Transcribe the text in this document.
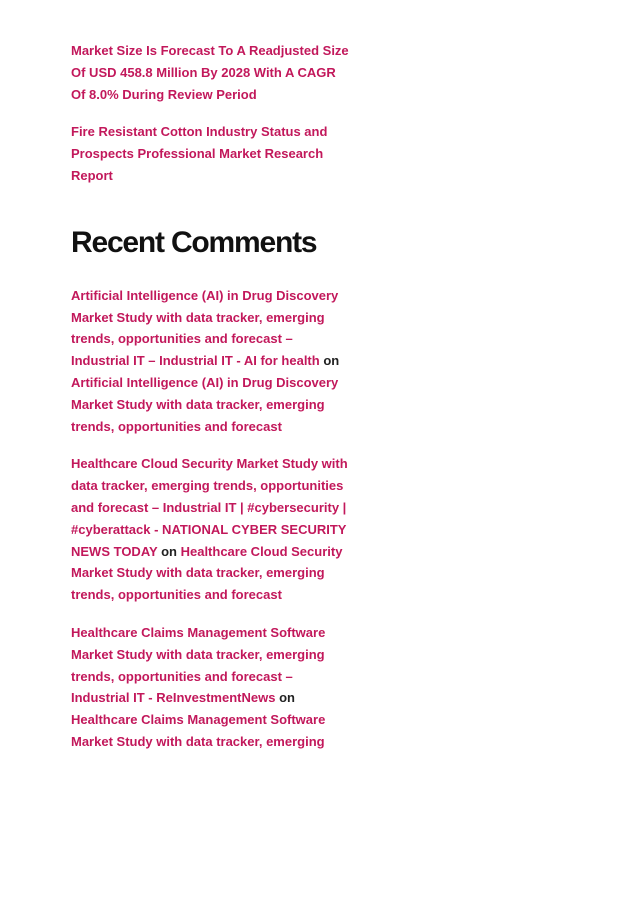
Market Size Is Forecast To A Readjusted Size Of USD 458.8 Million By 2028 With A CAGR Of 8.0% During Review Period
Fire Resistant Cotton Industry Status and Prospects Professional Market Research Report
Recent Comments
Artificial Intelligence (AI) in Drug Discovery Market Study with data tracker, emerging trends, opportunities and forecast – Industrial IT – Industrial IT - AI for health on Artificial Intelligence (AI) in Drug Discovery Market Study with data tracker, emerging trends, opportunities and forecast
Healthcare Cloud Security Market Study with data tracker, emerging trends, opportunities and forecast – Industrial IT | #cybersecurity | #cyberattack - NATIONAL CYBER SECURITY NEWS TODAY on Healthcare Cloud Security Market Study with data tracker, emerging trends, opportunities and forecast
Healthcare Claims Management Software Market Study with data tracker, emerging trends, opportunities and forecast – Industrial IT - ReInvestmentNews on Healthcare Claims Management Software Market Study with data tracker, emerging
